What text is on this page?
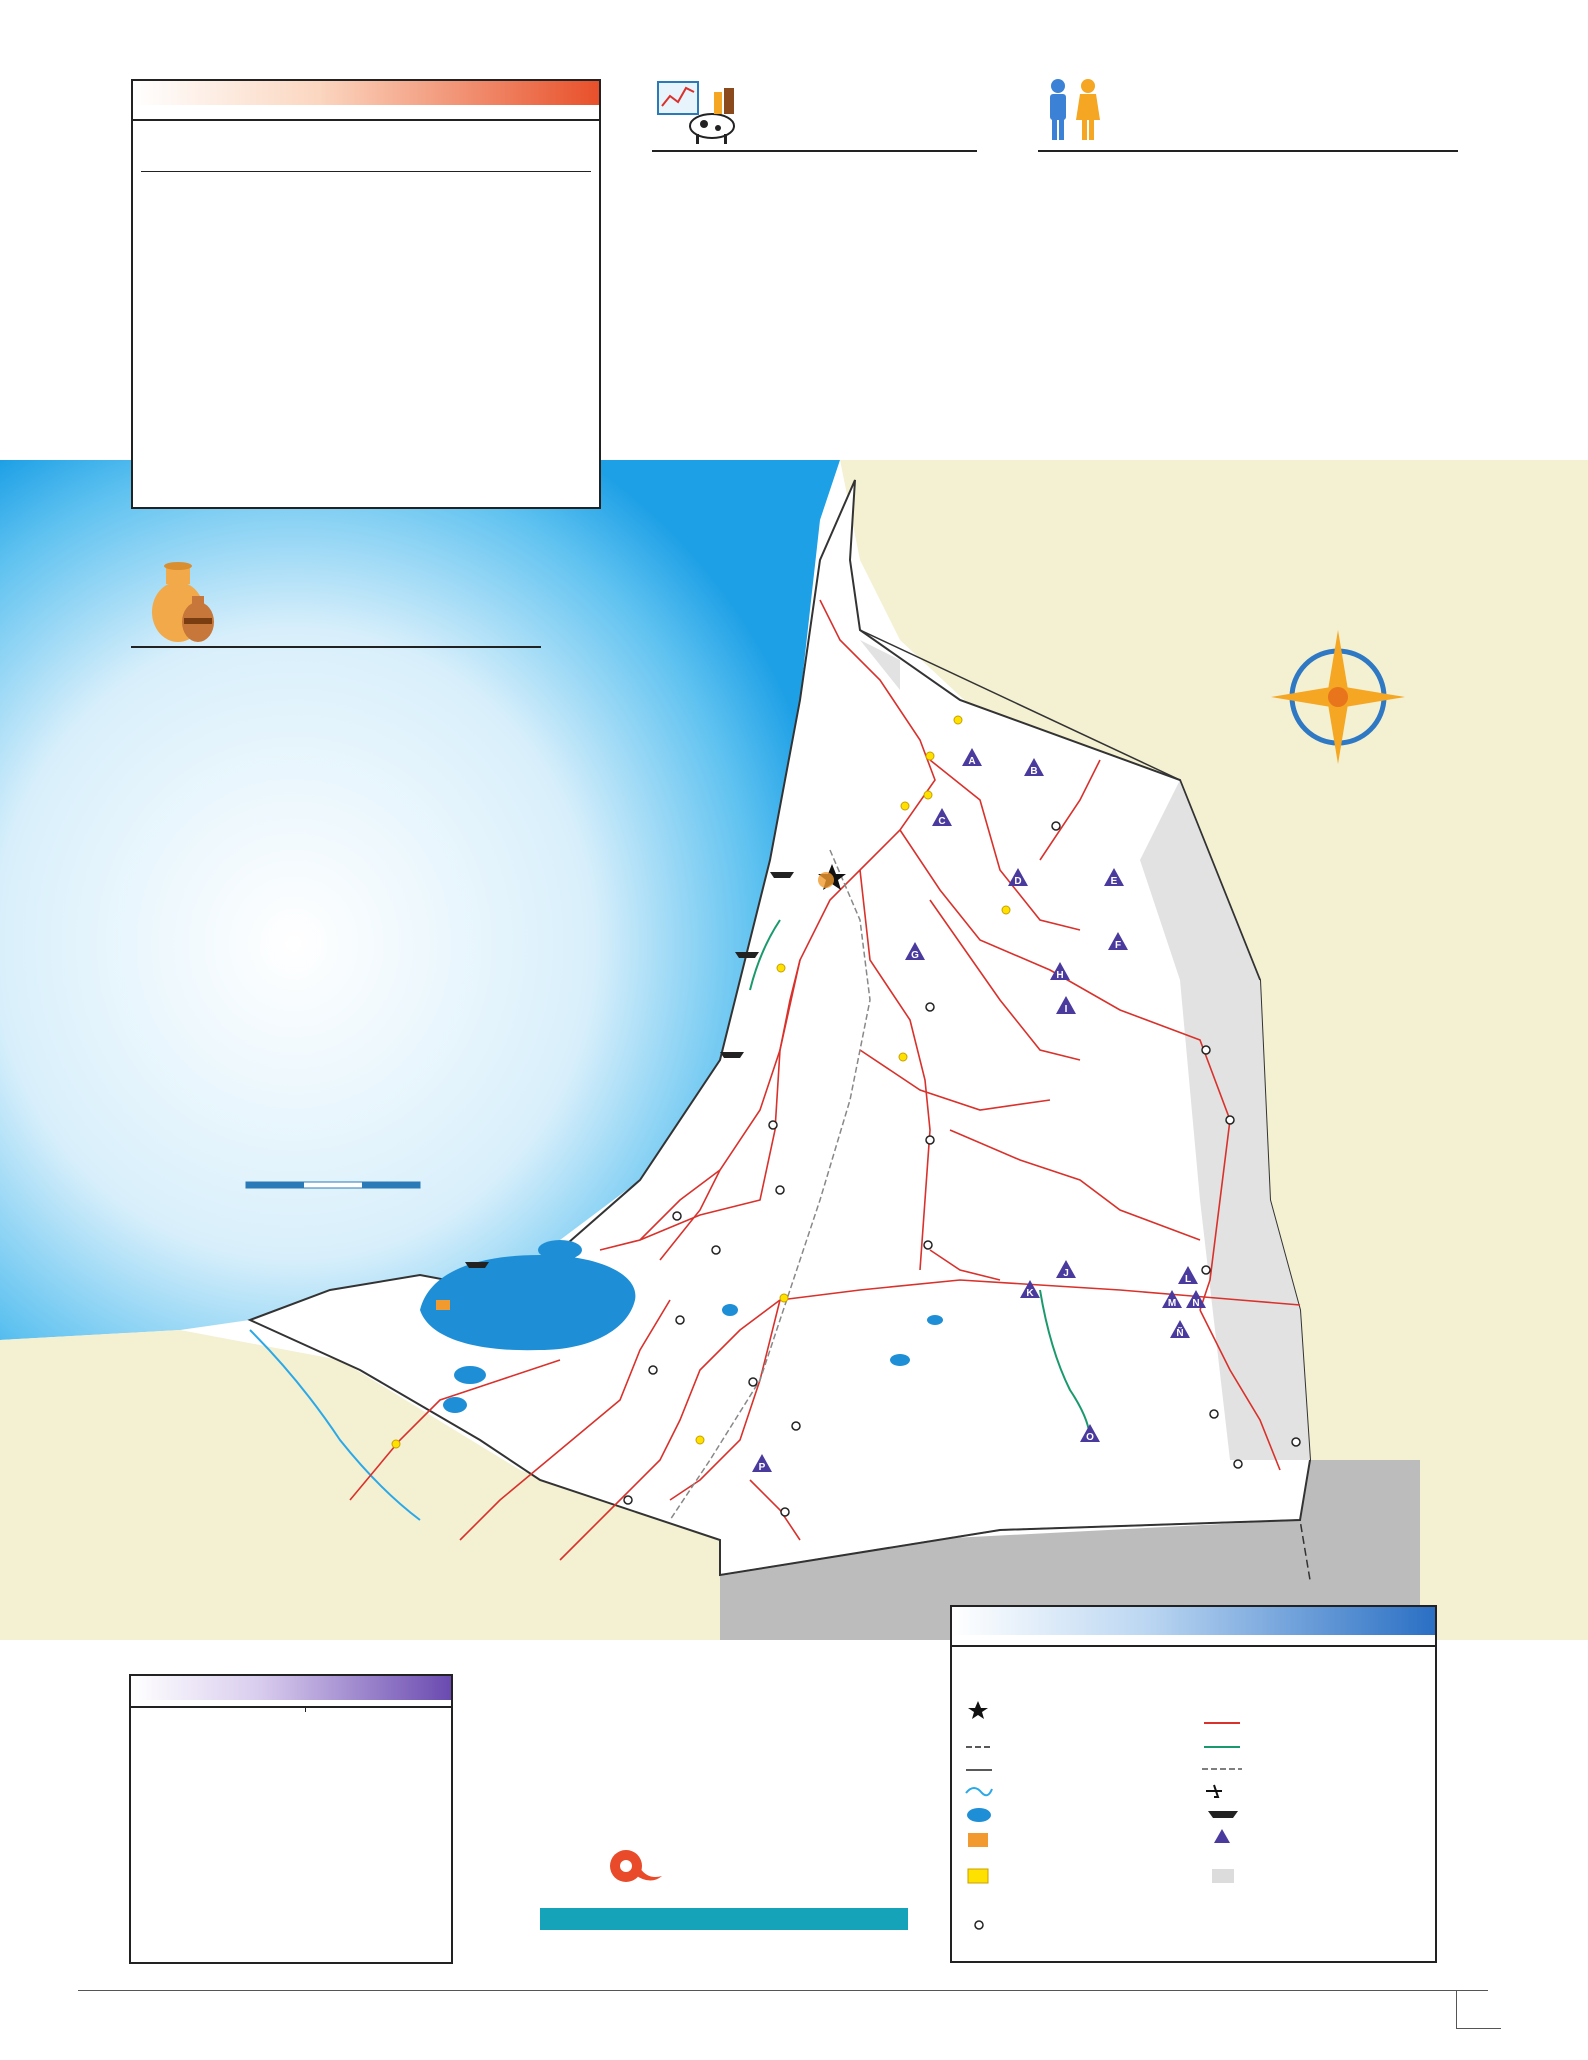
A
B
C
D	E
F
G
H
I
J
K
L
M N
Ñ
O
P
